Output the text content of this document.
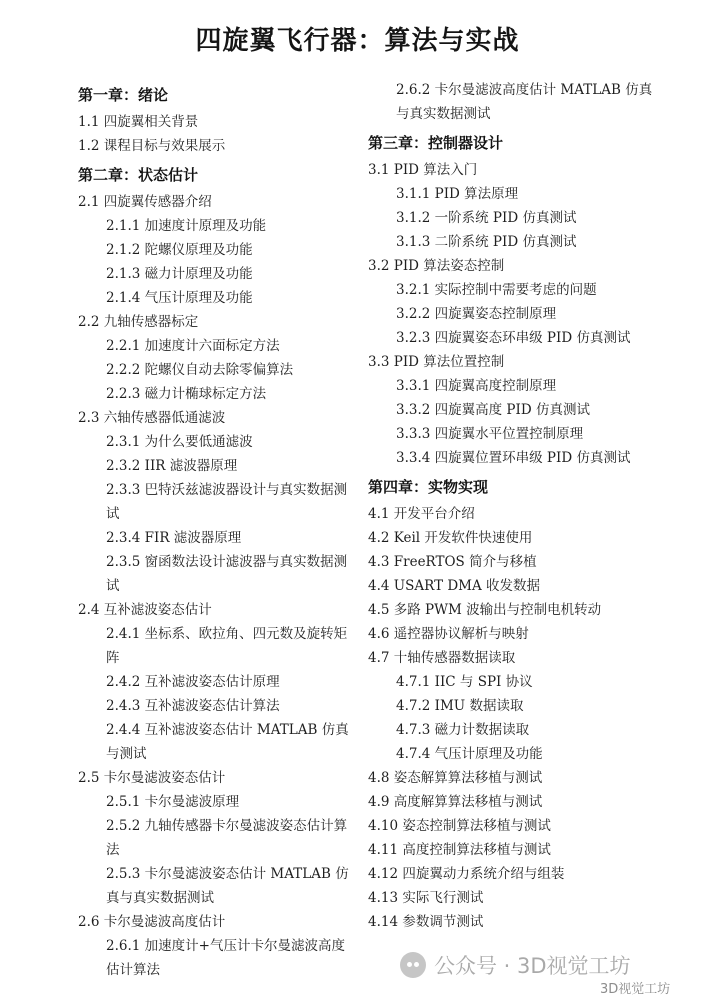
四旋翼飞行器：算法与实战
第一章：绪论
1.1 四旋翼相关背景
1.2 课程目标与效果展示
第二章：状态估计
2.1 四旋翼传感器介绍
2.1.1 加速度计原理及功能
2.1.2 陀螺仪原理及功能
2.1.3 磁力计原理及功能
2.1.4 气压计原理及功能
2.2 九轴传感器标定
2.2.1 加速度计六面标定方法
2.2.2 陀螺仪自动去除零偏算法
2.2.3 磁力计椭球标定方法
2.3 六轴传感器低通滤波
2.3.1 为什么要低通滤波
2.3.2 IIR 滤波器原理
2.3.3 巴特沃兹滤波器设计与真实数据测试
2.3.4 FIR 滤波器原理
2.3.5 窗函数法设计滤波器与真实数据测试
2.4 互补滤波姿态估计
2.4.1 坐标系、欧拉角、四元数及旋转矩阵
2.4.2 互补滤波姿态估计原理
2.4.3 互补滤波姿态估计算法
2.4.4 互补滤波姿态估计 MATLAB 仿真与测试
2.5 卡尔曼滤波姿态估计
2.5.1 卡尔曼滤波原理
2.5.2 九轴传感器卡尔曼滤波姿态估计算法
2.5.3 卡尔曼滤波姿态估计 MATLAB 仿真与真实数据测试
2.6 卡尔曼滤波高度估计
2.6.1 加速度计+气压计卡尔曼滤波高度估计算法
2.6.2 卡尔曼滤波高度估计 MATLAB 仿真与真实数据测试
第三章：控制器设计
3.1 PID 算法入门
3.1.1 PID 算法原理
3.1.2 一阶系统 PID 仿真测试
3.1.3 二阶系统 PID 仿真测试
3.2 PID 算法姿态控制
3.2.1 实际控制中需要考虑的问题
3.2.2 四旋翼姿态控制原理
3.2.3 四旋翼姿态环串级 PID 仿真测试
3.3 PID 算法位置控制
3.3.1 四旋翼高度控制原理
3.3.2 四旋翼高度 PID 仿真测试
3.3.3 四旋翼水平位置控制原理
3.3.4 四旋翼位置环串级 PID 仿真测试
第四章：实物实现
4.1 开发平台介绍
4.2 Keil 开发软件快速使用
4.3 FreeRTOS 简介与移植
4.4 USART DMA 收发数据
4.5 多路 PWM 波输出与控制电机转动
4.6 遥控器协议解析与映射
4.7 十轴传感器数据读取
4.7.1 IIC 与 SPI 协议
4.7.2 IMU 数据读取
4.7.3 磁力计数据读取
4.7.4 气压计原理及功能
4.8 姿态解算算法移植与测试
4.9 高度解算算法移植与测试
4.10 姿态控制算法移植与测试
4.11 高度控制算法移植与测试
4.12 四旋翼动力系统介绍与组装
4.13 实际飞行测试
4.14 参数调节测试
公众号 · 3D视觉工坊
3D视觉工坊
